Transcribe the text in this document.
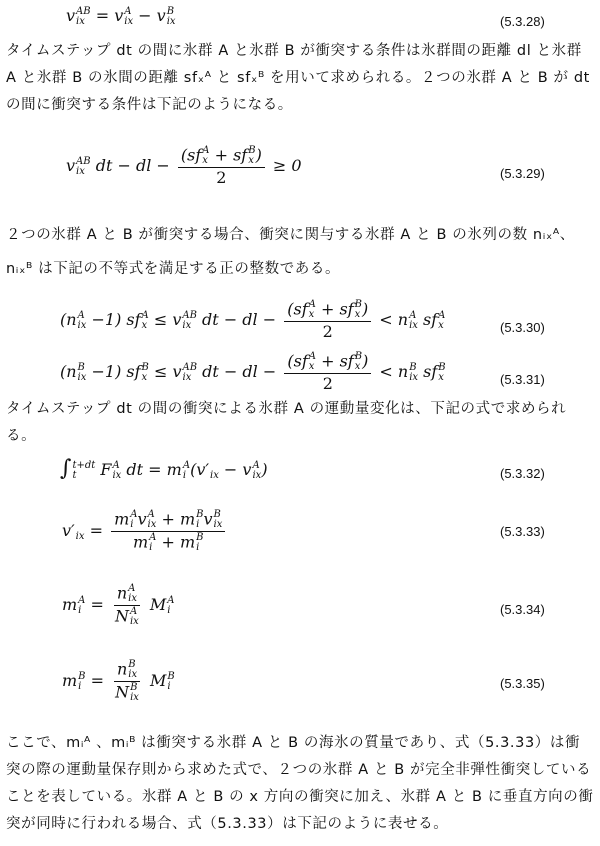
v AB
ix = v A
ix − v B
ix	(5.3.28)
タイムステップ dt の間に氷群 A と氷群 B が衝突する条件は氷群間の距離 dl と氷群 A と氷群 B の氷間の距離 sfₓᴬ と sfₓᴮ を用いて求められる。２つの氷群 A と B が dt の間に衝突する条件は下記のようになる。
v AB
ix dt − dl − (sf A
x + sf B
x )
2 ≥ 0	(5.3.29)
２つの氷群 A と B が衝突する場合、衝突に関与する氷群 A と B の氷列の数 nᵢₓᴬ、
nᵢₓᴮ は下記の不等式を満足する正の整数である。
(n A
ix −1) sf A
x ≤ v AB
ix dt − dl − (sf A
x + sf B
x )
2 < n A
ix sf A
x	(5.3.30)
(n B
ix −1) sf B
x ≤ v AB
ix dt − dl − (sf A
x + sf B
x )
2 < n B
ix sf B
x	(5.3.31)
タイムステップ dt の間の衝突による氷群 A の運動量変化は、下記の式で求められる。
∫ t+dt
t	F A
ix dt = m A
i (v′
ix − v A
ix )	(5.3.32)
v′
ix = m A
i v A
ix + m B
i v B
ix
m A
i + m B
i	(5.3.33)
m A
i = n A
ix
N A
ix M A
i	(5.3.34)
m B
i = n B
ix
N B
ix M B
i	(5.3.35)
ここで、mᵢᴬ 、mᵢᴮ は衝突する氷群 A と B の海氷の質量であり、式（5.3.33）は衝突の際の運動量保存則から求めた式で、２つの氷群 A と B が完全非弾性衝突していることを表している。氷群 A と B の x 方向の衝突に加え、氷群 A と B に垂直方向の衝突が同時に行われる場合、式（5.3.33）は下記のように表せる。
